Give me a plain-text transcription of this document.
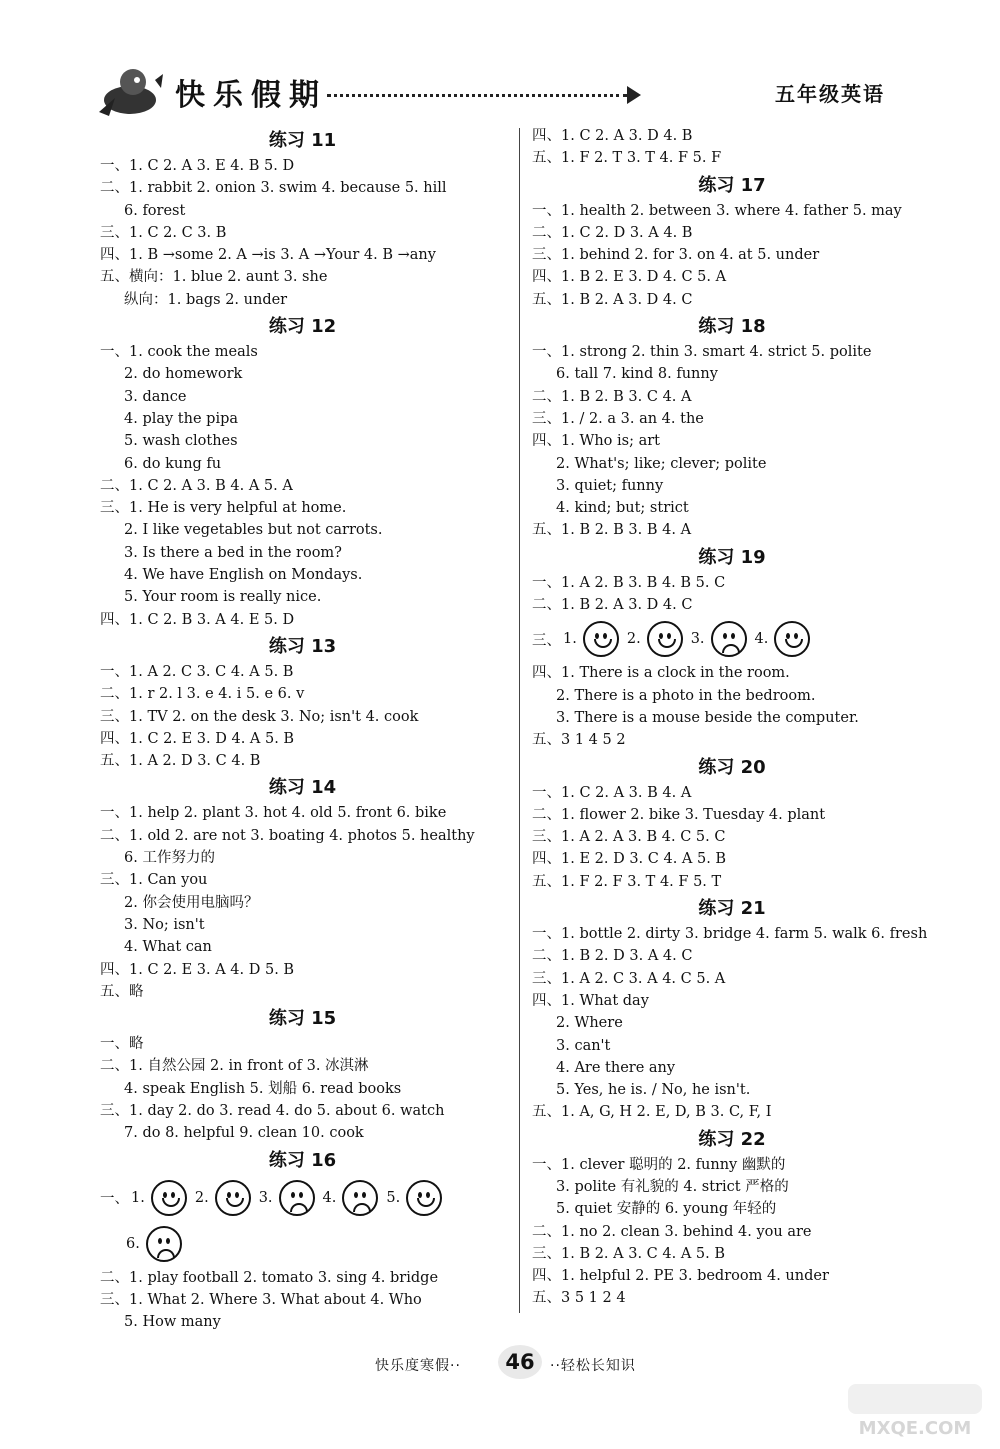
快乐假期	五年级英语
练习 11
一、1. C 2. A 3. E 4. B 5. D
二、1. rabbit 2. onion 3. swim 4. because 5. hill
6. forest
三、1. C 2. C 3. B
四、1. B →some 2. A →is 3. A →Your 4. B →any
五、横向：1. blue 2. aunt 3. she
纵向：1. bags 2. under
练习 12
一、1. cook the meals
2. do homework
3. dance
4. play the pipa
5. wash clothes
6. do kung fu
二、1. C 2. A 3. B 4. A 5. A
三、1. He is very helpful at home.
2. I like vegetables but not carrots.
3. Is there a bed in the room?
4. We have English on Mondays.
5. Your room is really nice.
四、1. C 2. B 3. A 4. E 5. D
练习 13
一、1. A 2. C 3. C 4. A 5. B
二、1. r 2. l 3. e 4. i 5. e 6. v
三、1. TV 2. on the desk 3. No; isn't 4. cook
四、1. C 2. E 3. D 4. A 5. B
五、1. A 2. D 3. C 4. B
练习 14
一、1. help 2. plant 3. hot 4. old 5. front 6. bike
二、1. old 2. are not 3. boating 4. photos 5. healthy
6. 工作努力的
三、1. Can you
2. 你会使用电脑吗？
3. No; isn't
4. What can
四、1. C 2. E 3. A 4. D 5. B
五、略
练习 15
一、略
二、1. 自然公园 2. in front of 3. 冰淇淋
4. speak English 5. 划船 6. read books
三、1. day 2. do 3. read 4. do 5. about 6. watch
7. do 8. helpful 9. clean 10. cook
练习 16
一、 1.	2.	3.	4.	5.
6.
二、1. play football 2. tomato 3. sing 4. bridge
三、1. What 2. Where 3. What about 4. Who
5. How many
四、1. C 2. A 3. D 4. B
五、1. F 2. T 3. T 4. F 5. F
练习 17
一、1. health 2. between 3. where 4. father 5. may
二、1. C 2. D 3. A 4. B
三、1. behind 2. for 3. on 4. at 5. under
四、1. B 2. E 3. D 4. C 5. A
五、1. B 2. A 3. D 4. C
练习 18
一、1. strong 2. thin 3. smart 4. strict 5. polite
6. tall 7. kind 8. funny
二、1. B 2. B 3. C 4. A
三、1. / 2. a 3. an 4. the
四、1. Who is; art
2. What's; like; clever; polite
3. quiet; funny
4. kind; but; strict
五、1. B 2. B 3. B 4. A
练习 19
一、1. A 2. B 3. B 4. B 5. C
二、1. B 2. A 3. D 4. C
三、 1.	2.	3.	4.
四、1. There is a clock in the room.
2. There is a photo in the bedroom.
3. There is a mouse beside the computer.
五、3 1 4 5 2
练习 20
一、1. C 2. A 3. B 4. A
二、1. flower 2. bike 3. Tuesday 4. plant
三、1. A 2. A 3. B 4. C 5. C
四、1. E 2. D 3. C 4. A 5. B
五、1. F 2. F 3. T 4. F 5. T
练习 21
一、1. bottle 2. dirty 3. bridge 4. farm 5. walk 6. fresh
二、1. B 2. D 3. A 4. C
三、1. A 2. C 3. A 4. C 5. A
四、1. What day
2. Where
3. can't
4. Are there any
5. Yes, he is. / No, he isn't.
五、1. A, G, H 2. E, D, B 3. C, F, I
练习 22
一、1. clever 聪明的 2. funny 幽默的
3. polite 有礼貌的 4. strict 严格的
5. quiet 安静的 6. young 年轻的
二、1. no 2. clean 3. behind 4. you are
三、1. B 2. A 3. C 4. A 5. B
四、1. helpful 2. PE 3. bedroom 4. under
五、3 5 1 2 4
快乐度寒假··	46	··轻松长知识
MXQE.COM
